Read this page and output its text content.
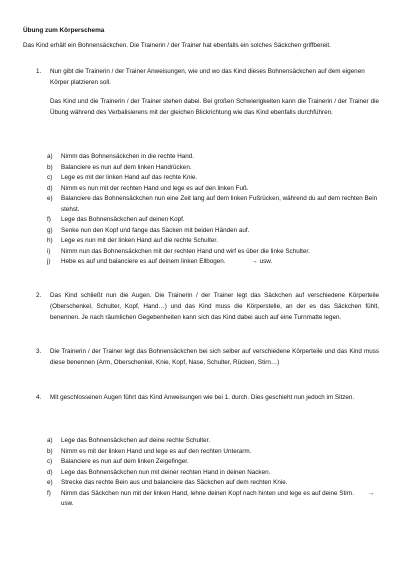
Übung zum Körperschema
Das Kind erhält ein Bohnensäckchen. Die Trainerin / der Trainer hat ebenfalls ein solches Säckchen griffbereit.
1. Nun gibt die Trainerin / der Trainer Anweisungen, wie und wo das Kind dieses Bohnensäckchen auf dem eigenen Körper platzieren soll.
Das Kind und die Trainerin / der Trainer stehen dabei. Bei großen Schwierigkeiten kann die Trainerin / der Trainer die Übung während des Verbalisierens mit der gleichen Blickrichtung wie das Kind ebenfalls durchführen.
a) Nimm das Bohnensäckchen in die rechte Hand.
b) Balanciere es nun auf dem linken Handrücken.
c) Lege es mit der linken Hand auf das rechte Knie.
d) Nimm es nun mit der rechten Hand und lege es auf den linken Fuß.
e) Balanciere das Bohnensäckchen nun eine Zeit lang auf dem linken Fußrücken, während du auf dem rechten Bein stehst.
f) Lege das Bohnensäckchen auf deinen Kopf.
g) Senke nun den Kopf und fange das Säcken mit beiden Händen auf.
h) Lege es nun mit der linken Hand auf die rechte Schulter.
i) Nimm nun das Bohnensäckchen mit der rechten Hand und wirf es über die linke Schulter.
j) Hebe es auf und balanciere es auf deinem linken Ellbogen.	→ usw.
2. Das Kind schließt nun die Augen. Die Trainerin / der Trainer legt das Säckchen auf verschiedene Körperteile (Oberschenkel, Schulter, Kopf, Hand…) und das Kind muss die Körperstelle, an der es das Säckchen fühlt, benennen. Je nach räumlichen Gegebenheiten kann sich das Kind dabei auch auf eine Turnmatte legen.
3. Die Trainerin / der Trainer legt das Bohnensäckchen bei sich selber auf verschiedene Körperteile und das Kind muss diese benennen (Arm, Oberschenkel, Knie, Kopf, Nase, Schulter, Rücken, Stirn…)
4. Mit geschlossenen Augen führt das Kind Anweisungen wie bei 1. durch. Dies geschieht nun jedoch im Sitzen.
a) Lege das Bohnensäckchen auf deine rechte Schulter.
b) Nimm es mit der linken Hand und lege es auf den rechten Unterarm.
c) Balanciere es nun auf dem linken Zeigefinger.
d) Lege das Bohnensäckchen nun mit deiner rechten Hand in deinen Nacken.
e) Strecke das rechte Bein aus und balanciere das Säckchen auf dem rechten Knie.
f) Nimm das Säckchen nun mit der linken Hand, lehne deinen Kopf nach hinten und lege es auf deine Stirn. → usw.
